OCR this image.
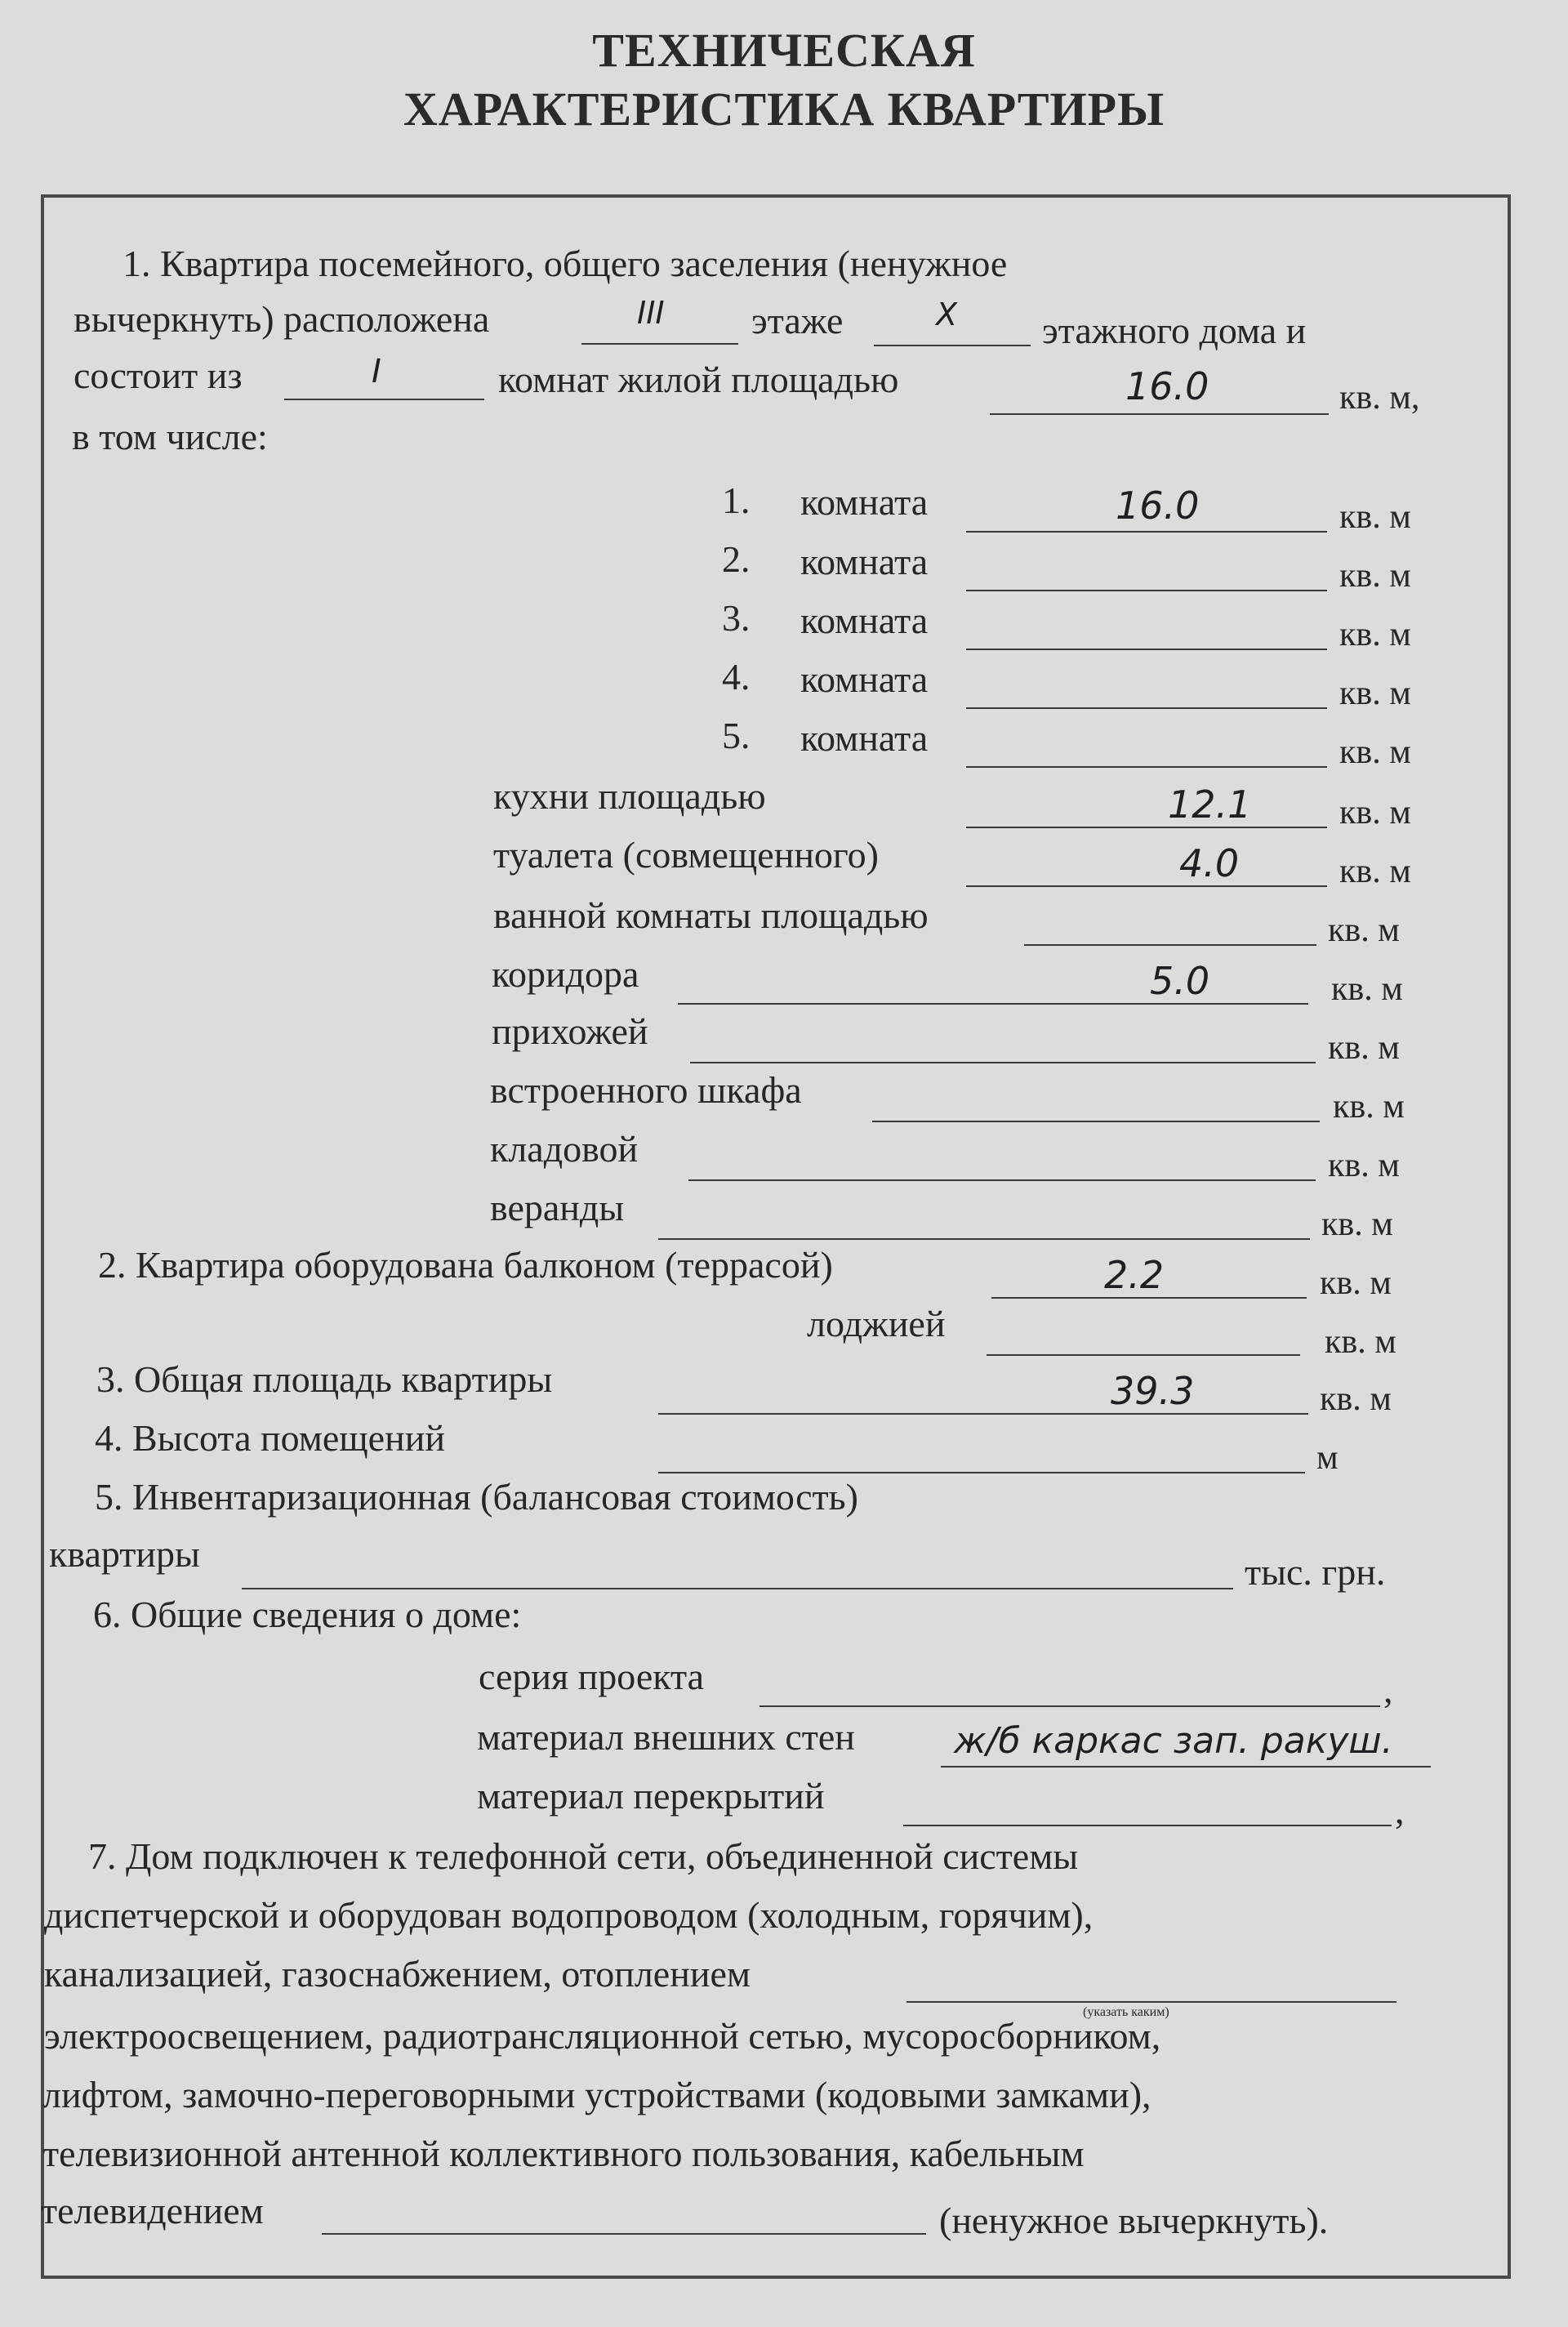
ТЕХНИЧЕСКАЯ
ХАРАКТЕРИСТИКА КВАРТИРЫ
1. Квартира посемейного, общего заселения (ненужное
вычеркнуть) расположена	III этаже	X этажного дома и
состоит из	I	комнат жилой площадью	16.0	кв. м,
в том числе:
1. комната	16.0	кв. м
2. комната	кв. м
3. комната	кв. м
4. комната	кв. м
5. комната	кв. м
кухни площадью	12.1	кв. м
туалета (совмещенного)	4.0	кв. м
ванной комнаты площадью	кв. м
коридора	5.0	кв. м
прихожей	кв. м
встроенного шкафа	кв. м
кладовой	кв. м
веранды	кв. м
2. Квартира оборудована балконом (террасой)	2.2	кв. м
лоджией	кв. м
3. Общая площадь квартиры	39.3	кв. м
4. Высота помещений	м
5. Инвентаризационная (балансовая стоимость)
квартиры	тыс. грн.
6. Общие сведения о доме:
серия проекта	,
материал внешних стен	ж/б каркас зап. ракуш.
материал перекрытий	,
7. Дом подключен к телефонной сети, объединенной системы
диспетчерской и оборудован водопроводом (холодным, горячим),
канализацией, газоснабжением, отоплением
(указать каким)
электроосвещением, радиотрансляционной сетью, мусоросборником,
лифтом, замочно-переговорными устройствами (кодовыми замками),
телевизионной антенной коллективного пользования, кабельным
телевидением	(ненужное вычеркнуть).
